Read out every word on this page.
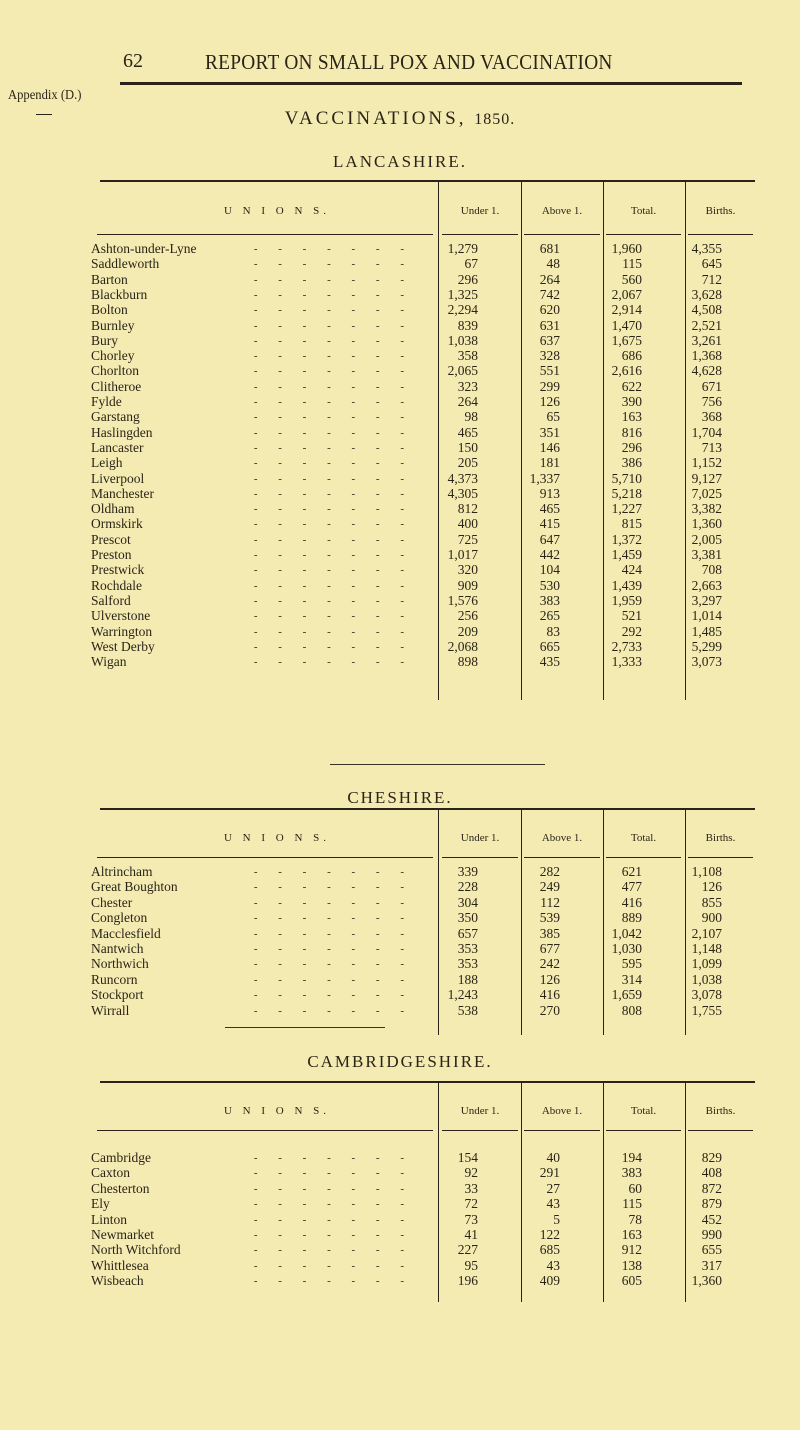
62	REPORT ON SMALL POX AND VACCINATION
Appendix (D.)
VACCINATIONS, 1850.
LANCASHIRE.
U N I O N S.	Under 1.	Above 1.	Total.	Births.
Ashton-under-Lyne	- - - - - - -	1,279	681	1,960	4,355
Saddleworth	- - - - - - -	67	48	115	645
Barton	- - - - - - -	296	264	560	712
Blackburn	- - - - - - -	1,325	742	2,067	3,628
Bolton	- - - - - - -	2,294	620	2,914	4,508
Burnley	- - - - - - -	839	631	1,470	2,521
Bury	- - - - - - -	1,038	637	1,675	3,261
Chorley	- - - - - - -	358	328	686	1,368
Chorlton	- - - - - - -	2,065	551	2,616	4,628
Clitheroe	- - - - - - -	323	299	622	671
Fylde	- - - - - - -	264	126	390	756
Garstang	- - - - - - -	98	65	163	368
Haslingden	- - - - - - -	465	351	816	1,704
Lancaster	- - - - - - -	150	146	296	713
Leigh	- - - - - - -	205	181	386	1,152
Liverpool	- - - - - - -	4,373	1,337	5,710	9,127
Manchester	- - - - - - -	4,305	913	5,218	7,025
Oldham	- - - - - - -	812	465	1,227	3,382
Ormskirk	- - - - - - -	400	415	815	1,360
Prescot	- - - - - - -	725	647	1,372	2,005
Preston	- - - - - - -	1,017	442	1,459	3,381
Prestwick	- - - - - - -	320	104	424	708
Rochdale	- - - - - - -	909	530	1,439	2,663
Salford	- - - - - - -	1,576	383	1,959	3,297
Ulverstone	- - - - - - -	256	265	521	1,014
Warrington	- - - - - - -	209	83	292	1,485
West Derby	- - - - - - -	2,068	665	2,733	5,299
Wigan	- - - - - - -	898	435	1,333	3,073
CHESHIRE.
U N I O N S.	Under 1.	Above 1.	Total.	Births.
Altrincham	- - - - - - -	339	282	621	1,108
Great Boughton	- - - - - - -	228	249	477	126
Chester	- - - - - - -	304	112	416	855
Congleton	- - - - - - -	350	539	889	900
Macclesfield	- - - - - - -	657	385	1,042	2,107
Nantwich	- - - - - - -	353	677	1,030	1,148
Northwich	- - - - - - -	353	242	595	1,099
Runcorn	- - - - - - -	188	126	314	1,038
Stockport	- - - - - - -	1,243	416	1,659	3,078
Wirrall	- - - - - - -	538	270	808	1,755
CAMBRIDGESHIRE.
U N I O N S.	Under 1.	Above 1.	Total.	Births.
Cambridge	- - - - - - -	154	40	194	829
Caxton	- - - - - - -	92	291	383	408
Chesterton	- - - - - - -	33	27	60	872
Ely	- - - - - - -	72	43	115	879
Linton	- - - - - - -	73	5	78	452
Newmarket	- - - - - - -	41	122	163	990
North Witchford	- - - - - - -	227	685	912	655
Whittlesea	- - - - - - -	95	43	138	317
Wisbeach	- - - - - - -	196	409	605	1,360
